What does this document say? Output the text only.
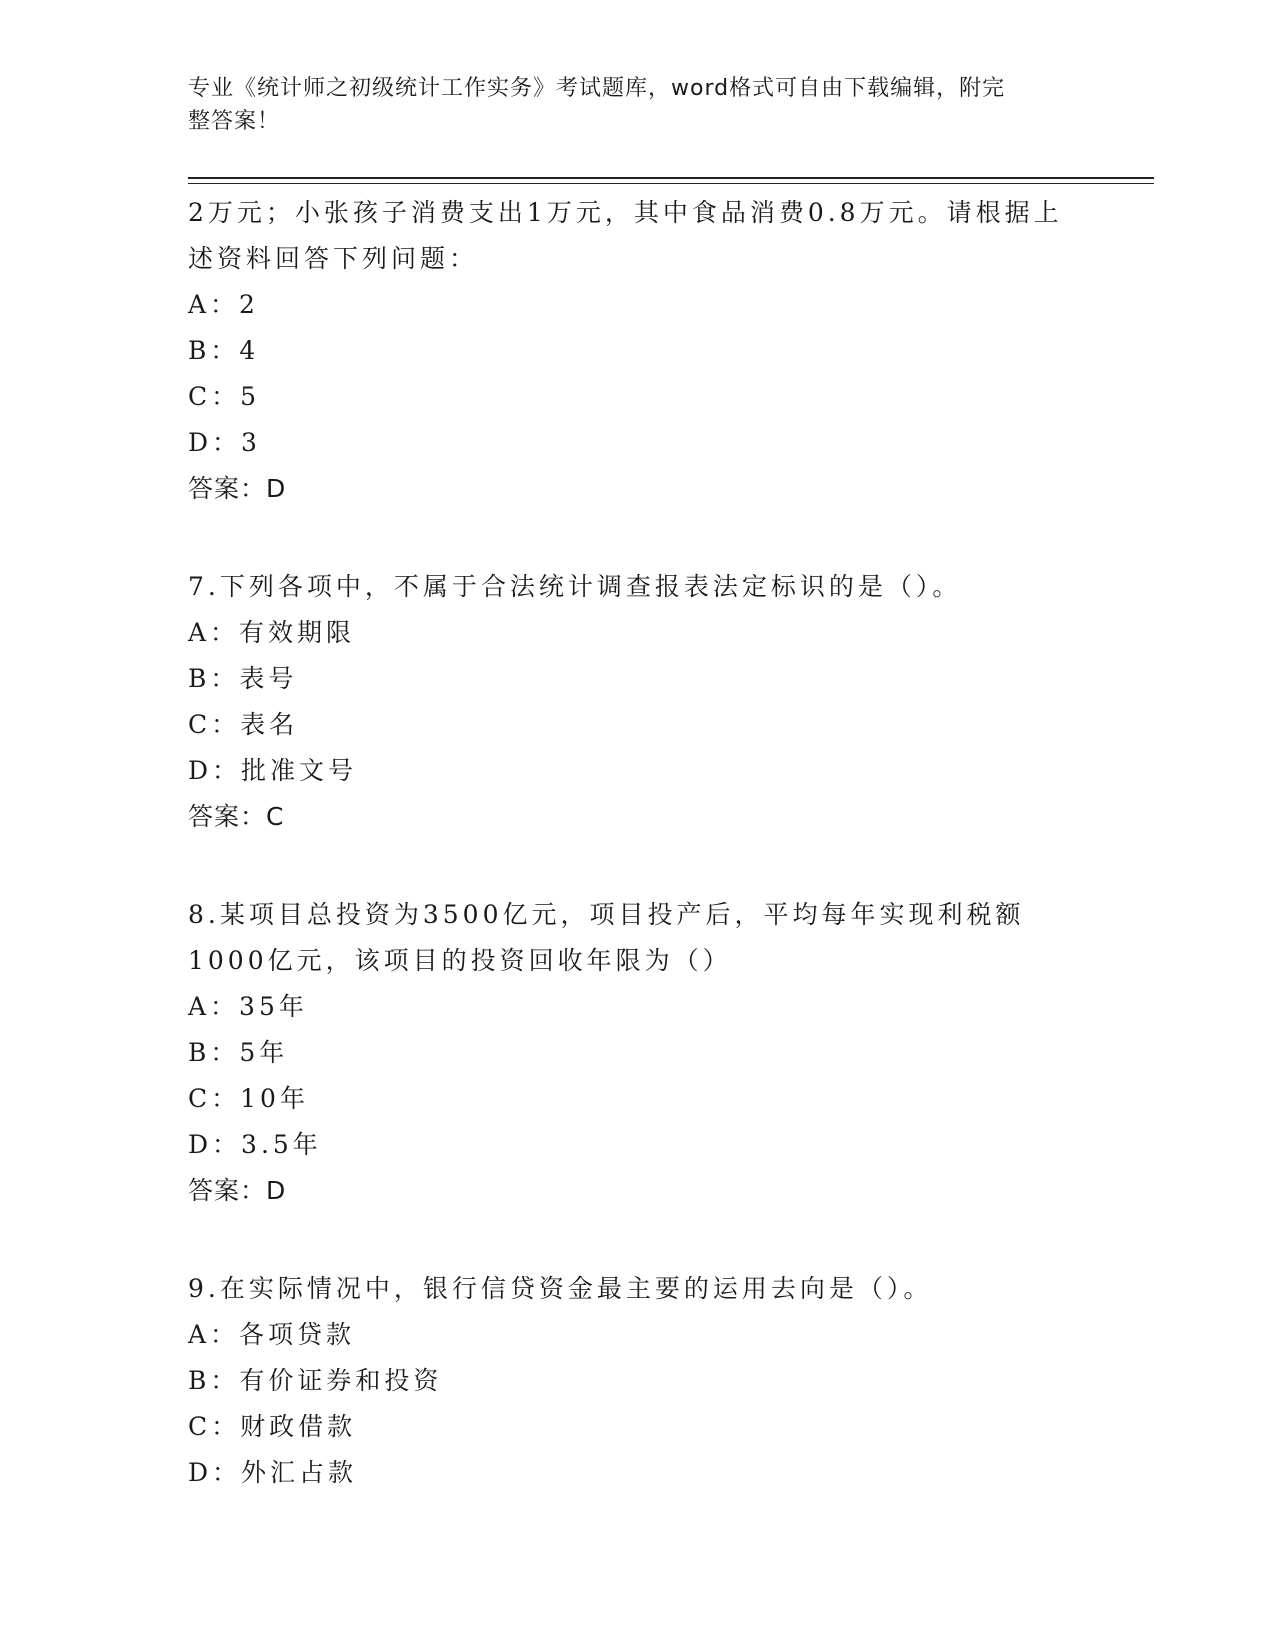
专业《统计师之初级统计工作实务》考试题库，word格式可自由下载编辑，附完
整答案！
2万元；小张孩子消费支出1万元，其中食品消费0.8万元。请根据上述资料回答下列问题：
A：2
B：4
C：5
D：3
答案：D
7.下列各项中，不属于合法统计调查报表法定标识的是（）。
A：有效期限
B：表号
C：表名
D：批准文号
答案：C
8.某项目总投资为3500亿元，项目投产后，平均每年实现利税额1000亿元，该项目的投资回收年限为（）
A：35年
B：5年
C：10年
D：3.5年
答案：D
9.在实际情况中，银行信贷资金最主要的运用去向是（）。
A：各项贷款
B：有价证券和投资
C：财政借款
D：外汇占款
